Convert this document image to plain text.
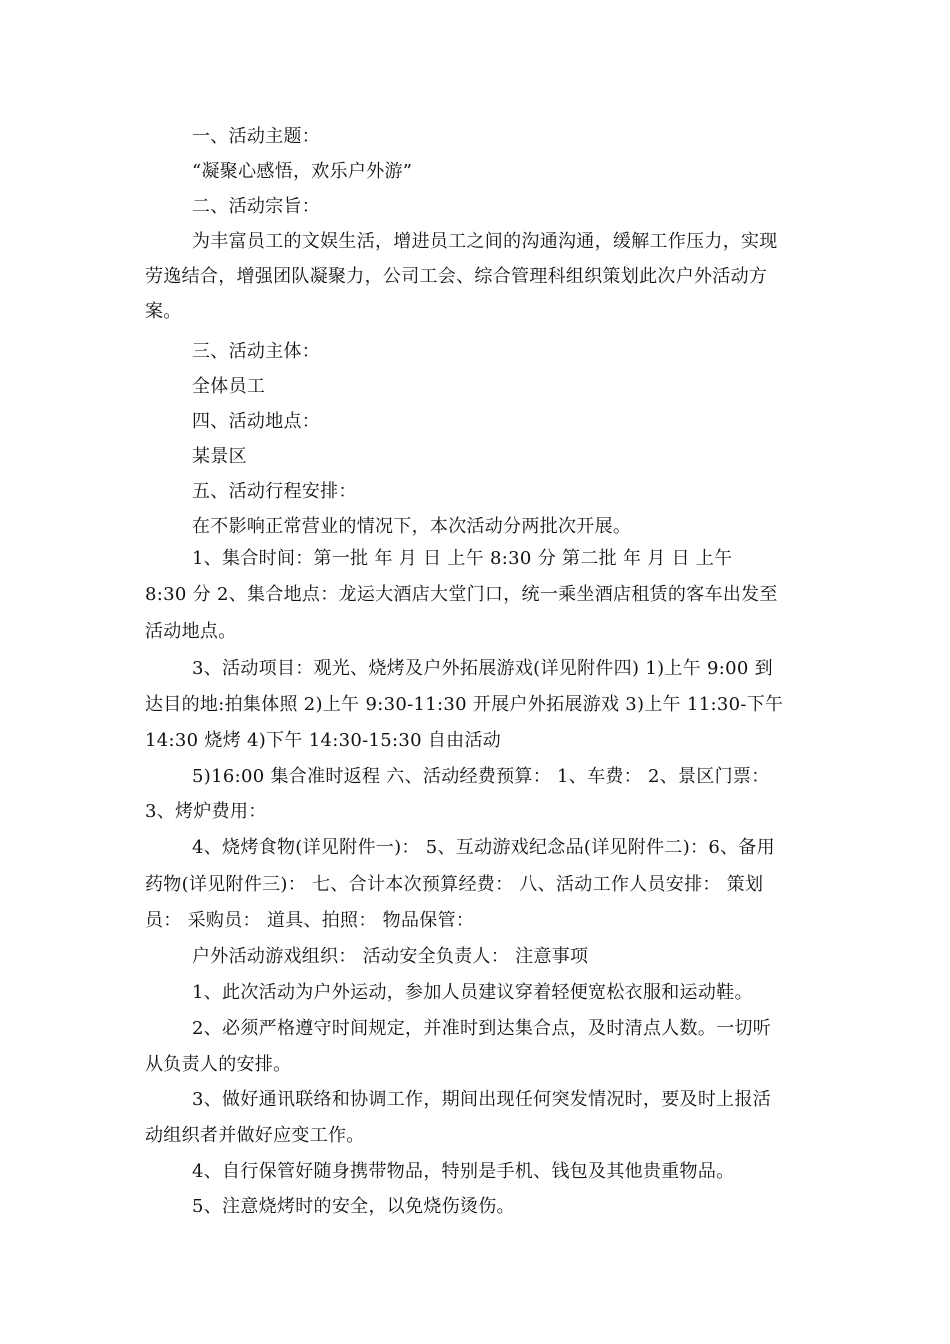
一、活动主题：
“凝聚心感悟，欢乐户外游”
二、活动宗旨：
为丰富员工的文娱生活，增进员工之间的沟通沟通，缓解工作压力，实现
劳逸结合，增强团队凝聚力，公司工会、综合管理科组织策划此次户外活动方
案。
三、活动主体：
全体员工
四、活动地点：
某景区
五、活动行程安排：
在不影响正常营业的情况下，本次活动分两批次开展。
1、集合时间：第一批 年 月 日 上午 8:30 分 第二批 年 月 日 上午
8:30 分 2、集合地点：龙运大酒店大堂门口，统一乘坐酒店租赁的客车出发至
活动地点。
3、活动项目：观光、烧烤及户外拓展游戏(详见附件四) 1)上午 9:00 到
达目的地:拍集体照 2)上午 9:30-11:30 开展户外拓展游戏 3)上午 11:30-下午
14:30 烧烤 4)下午 14:30-15:30 自由活动
5)16:00 集合准时返程 六、活动经费预算： 1、车费： 2、景区门票：
3、烤炉费用：
4、烧烤食物(详见附件一)： 5、互动游戏纪念品(详见附件二)：6、备用
药物(详见附件三)： 七、合计本次预算经费： 八、活动工作人员安排： 策划
员： 采购员： 道具、拍照： 物品保管：
户外活动游戏组织： 活动安全负责人： 注意事项
1、此次活动为户外运动，参加人员建议穿着轻便宽松衣服和运动鞋。
2、必须严格遵守时间规定，并准时到达集合点，及时清点人数。一切听
从负责人的安排。
3、做好通讯联络和协调工作，期间出现任何突发情况时，要及时上报活
动组织者并做好应变工作。
4、自行保管好随身携带物品，特别是手机、钱包及其他贵重物品。
5、注意烧烤时的安全，以免烧伤烫伤。
